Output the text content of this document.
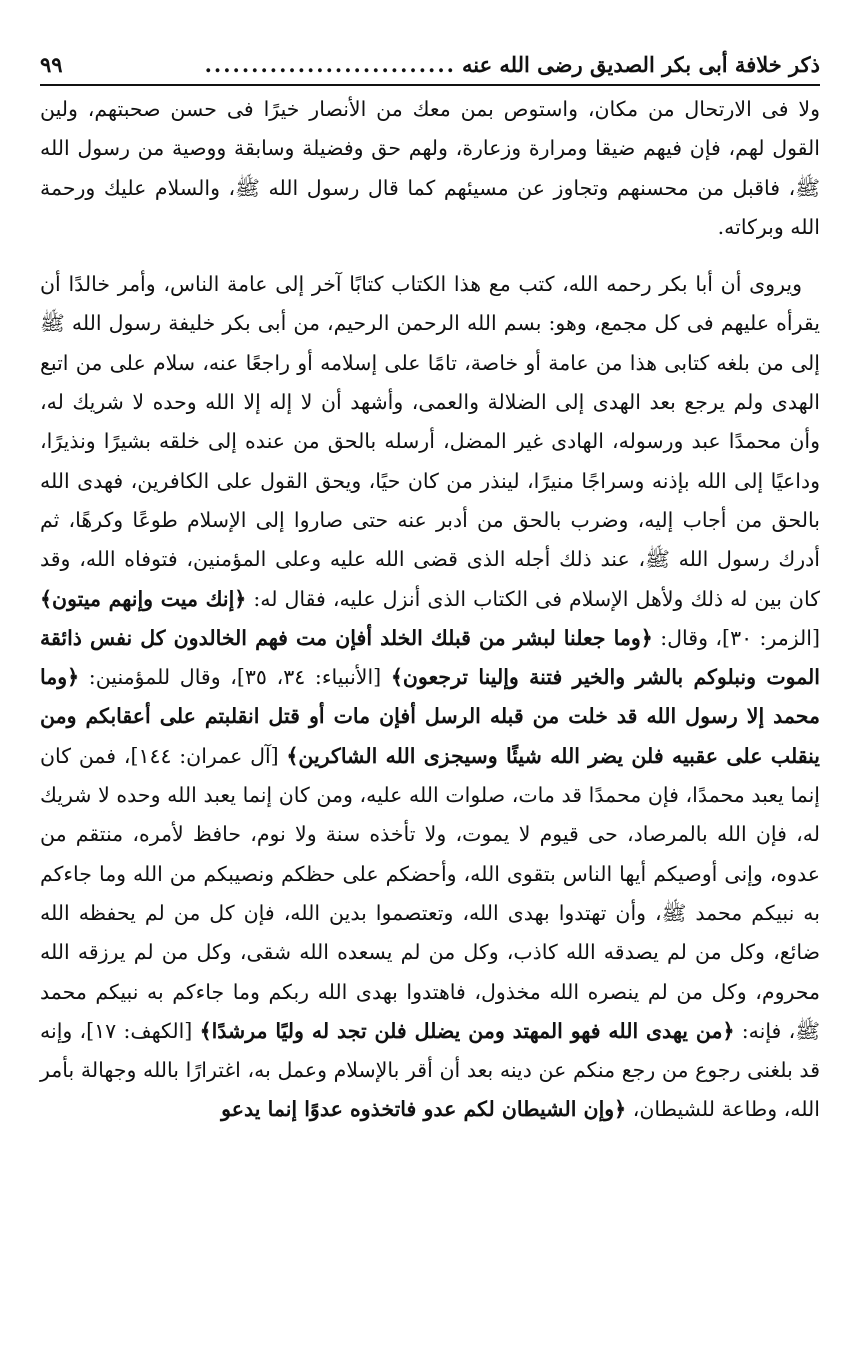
ذكر خلافة أبى بكر الصديق رضى الله عنه
...........................
٩٩

ولا فى الارتحال من مكان، واستوص بمن معك من الأنصار خيرًا فى حسن صحبتهم، ولين القول لهم، فإن فيهم ضيقا ومرارة وزعارة، ولهم حق وفضيلة وسابقة ووصية من رسول الله ﷺ، فاقبل من محسنهم وتجاوز عن مسيئهم كما قال رسول الله ﷺ، والسلام عليك ورحمة الله وبركاته.

ويروى أن أبا بكر رحمه الله، كتب مع هذا الكتاب كتابًا آخر إلى عامة الناس، وأمر خالدًا أن يقرأه عليهم فى كل مجمع، وهو: بسم الله الرحمن الرحيم، من أبى بكر خليفة رسول الله ﷺ إلى من بلغه كتابى هذا من عامة أو خاصة، تامًا على إسلامه أو راجعًا عنه، سلام على من اتبع الهدى ولم يرجع بعد الهدى إلى الضلالة والعمى، وأشهد أن لا إله إلا الله وحده لا شريك له، وأن محمدًا عبد ورسوله، الهادى غير المضل، أرسله بالحق من عنده إلى خلقه بشيرًا ونذيرًا، وداعيًا إلى الله بإذنه وسراجًا منيرًا، لينذر من كان حيًا، ويحق القول على الكافرين، فهدى الله بالحق من أجاب إليه، وضرب بالحق من أدبر عنه حتى صاروا إلى الإسلام طوعًا وكرهًا، ثم أدرك رسول الله ﷺ، عند ذلك أجله الذى قضى الله عليه وعلى المؤمنين، فتوفاه الله، وقد كان بين له ذلك ولأهل الإسلام فى الكتاب الذى أنزل عليه، فقال له: ﴿إنك ميت وإنهم ميتون﴾ [الزمر: ٣٠]، وقال: ﴿وما جعلنا لبشر من قبلك الخلد أفإن مت فهم الخالدون كل نفس ذائقة الموت ونبلوكم بالشر والخير فتنة وإلينا ترجعون﴾ [الأنبياء: ٣٤، ٣٥]، وقال للمؤمنين: ﴿وما محمد إلا رسول الله قد خلت من قبله الرسل أفإن مات أو قتل انقلبتم على أعقابكم ومن ينقلب على عقبيه فلن يضر الله شيئًا وسيجزى الله الشاكرين﴾ [آل عمران: ١٤٤]، فمن كان إنما يعبد محمدًا، فإن محمدًا قد مات، صلوات الله عليه، ومن كان إنما يعبد الله وحده لا شريك له، فإن الله بالمرصاد، حى قيوم لا يموت، ولا تأخذه سنة ولا نوم، حافظ لأمره، منتقم من عدوه، وإنى أوصيكم أيها الناس بتقوى الله، وأحضكم على حظكم ونصيبكم من الله وما جاءكم به نبيكم محمد ﷺ، وأن تهتدوا بهدى الله، وتعتصموا بدين الله، فإن كل من لم يحفظه الله ضائع، وكل من لم يصدقه الله كاذب، وكل من لم يسعده الله شقى، وكل من لم يرزقه الله محروم، وكل من لم ينصره الله مخذول، فاهتدوا بهدى الله ربكم وما جاءكم به نبيكم محمد ﷺ، فإنه: ﴿من يهدى الله فهو المهتد ومن يضلل فلن تجد له وليًا مرشدًا﴾ [الكهف: ١٧]، وإنه قد بلغنى رجوع من رجع منكم عن دينه بعد أن أقر بالإسلام وعمل به، اغترارًا بالله وجهالة بأمر الله، وطاعة للشيطان، ﴿وإن الشيطان لكم عدو فاتخذوه عدوًا إنما يدعو
